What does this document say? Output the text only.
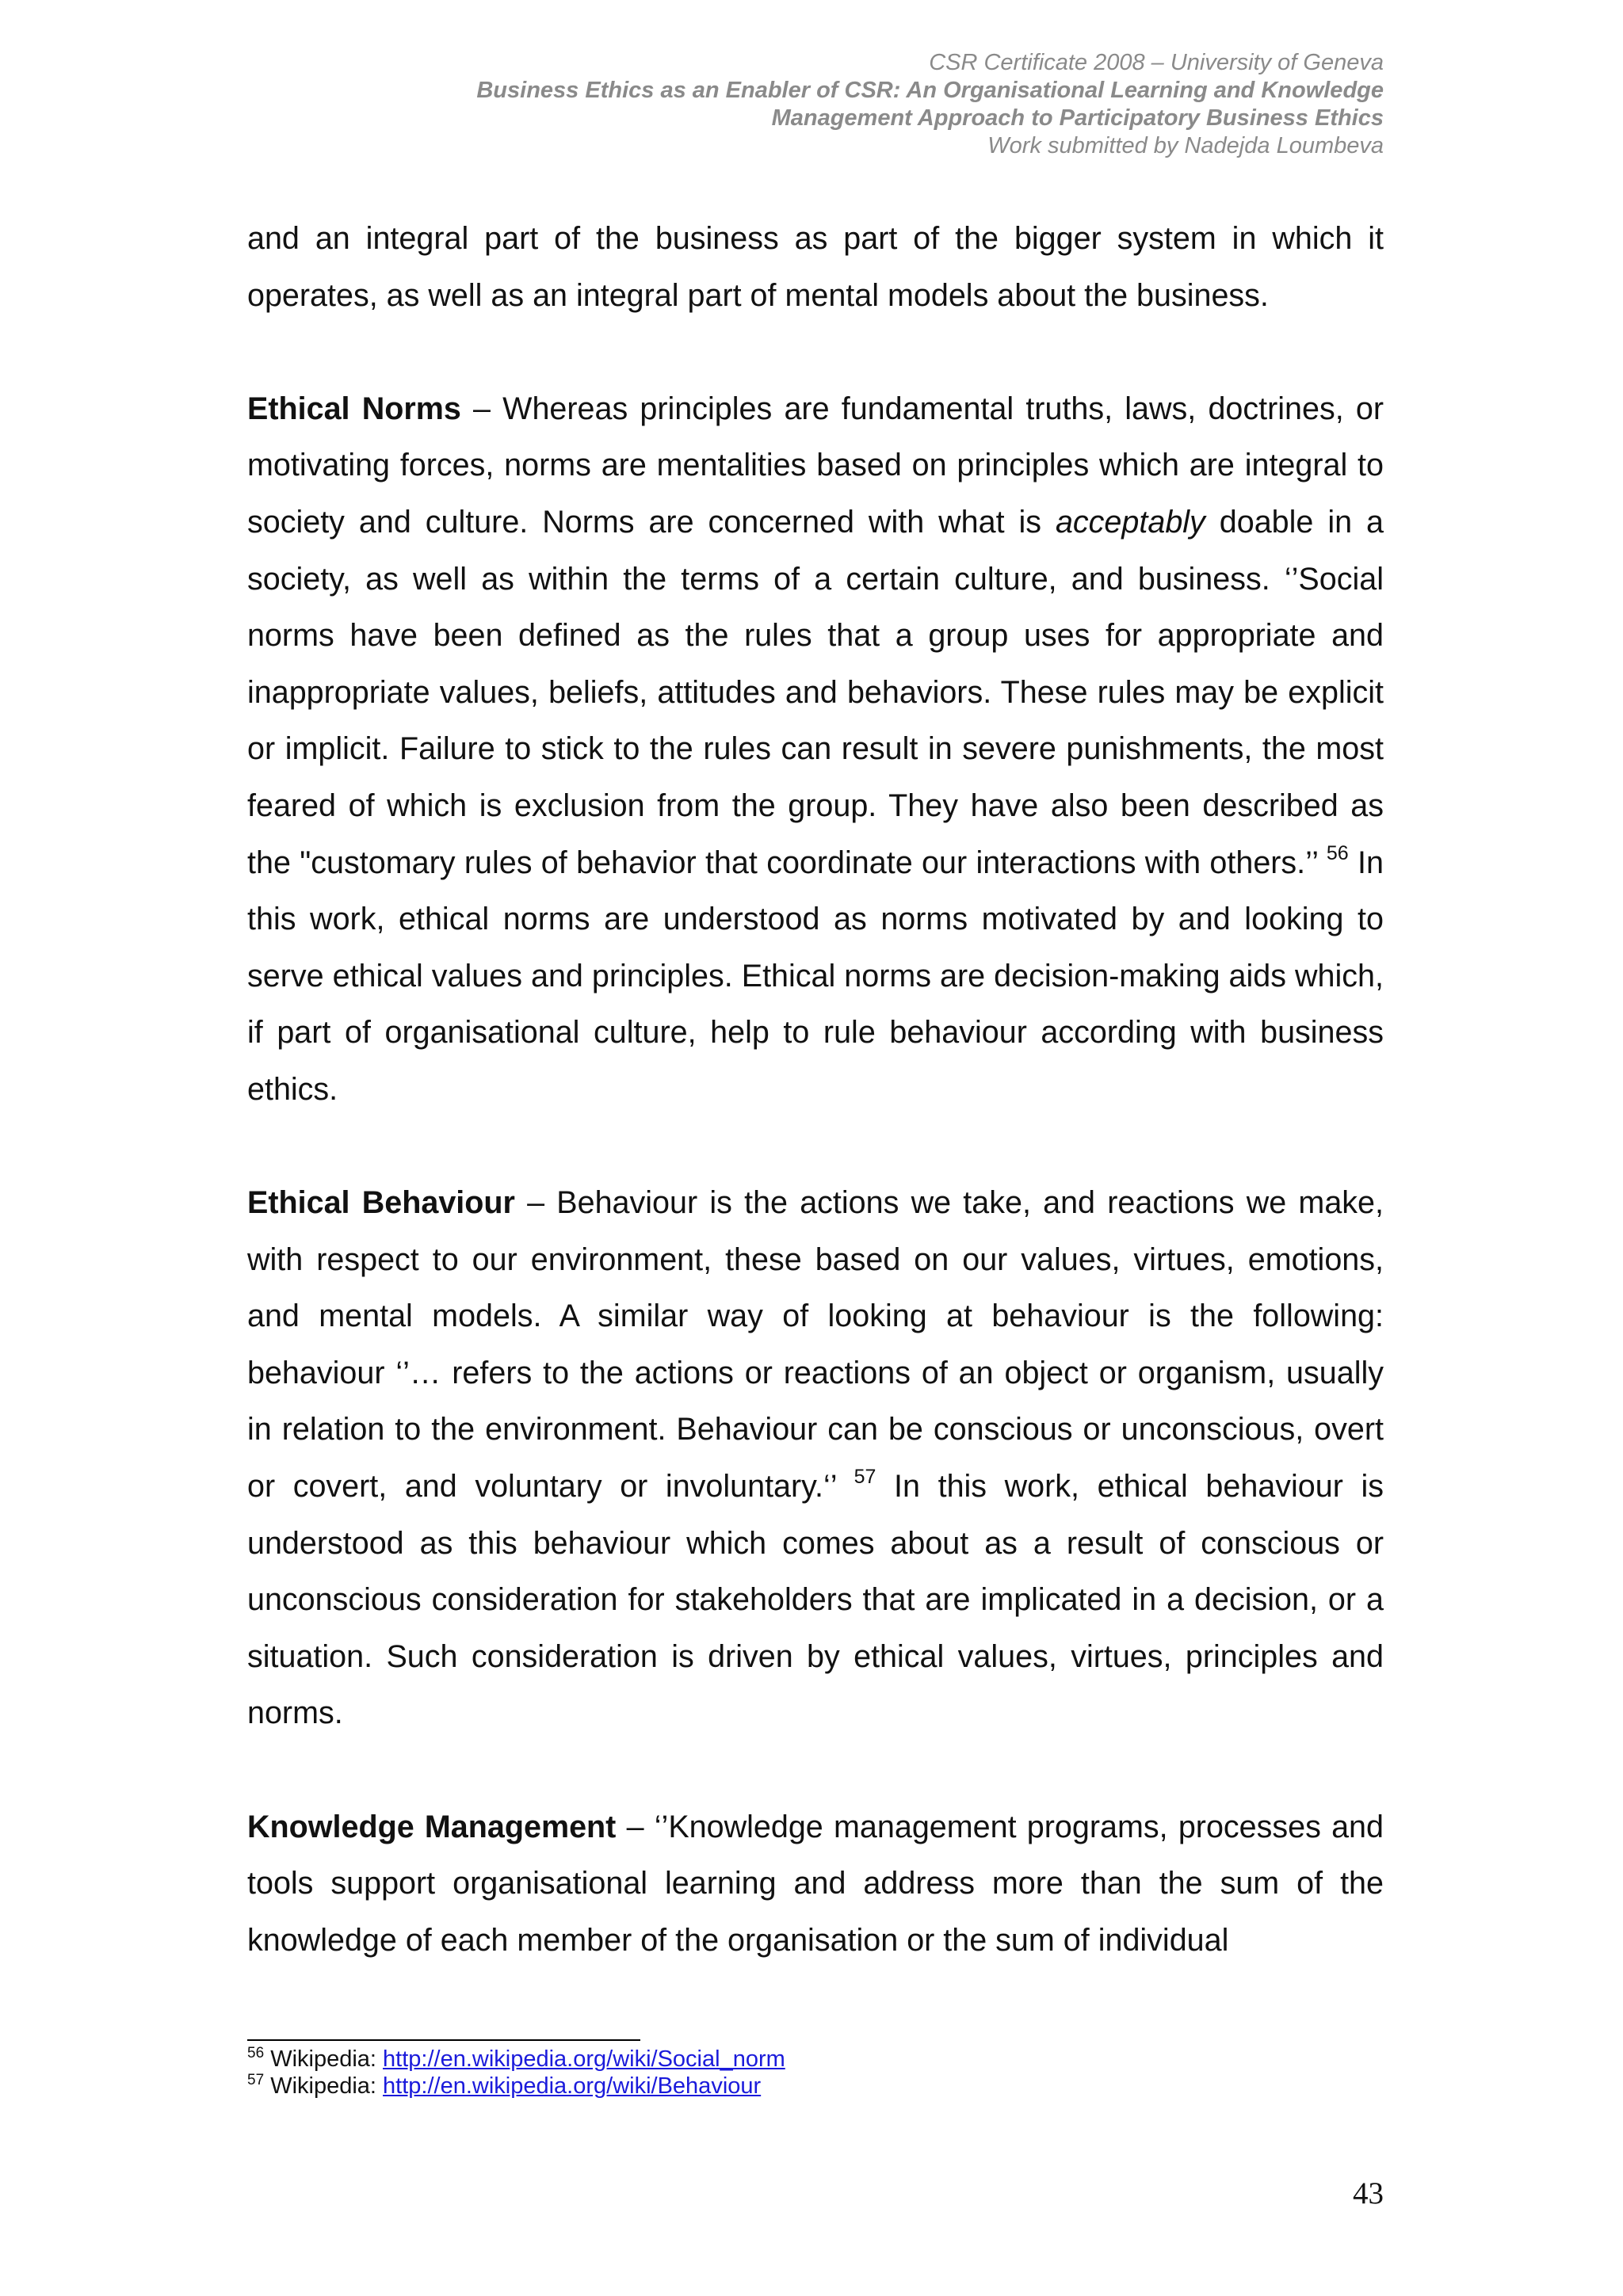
CSR Certificate 2008 – University of Geneva
Business Ethics as an Enabler of CSR: An Organisational Learning and Knowledge
Management Approach to Participatory Business Ethics
Work submitted by Nadejda Loumbeva

and an integral part of the business as part of the bigger system in which it operates, as well as an integral part of mental models about the business.

Ethical Norms – Whereas principles are fundamental truths, laws, doctrines, or motivating forces, norms are mentalities based on principles which are integral to society and culture. Norms are concerned with what is acceptably doable in a society, as well as within the terms of a certain culture, and business. ‘’Social norms have been defined as the rules that a group uses for appropriate and inappropriate values, beliefs, attitudes and behaviors. These rules may be explicit or implicit. Failure to stick to the rules can result in severe punishments, the most feared of which is exclusion from the group. They have also been described as the "customary rules of behavior that coordinate our interactions with others.’’ $^{56}$ In this work, ethical norms are understood as norms motivated by and looking to serve ethical values and principles. Ethical norms are decision-making aids which, if part of organisational culture, help to rule behaviour according with business ethics.

Ethical Behaviour – Behaviour is the actions we take, and reactions we make, with respect to our environment, these based on our values, virtues, emotions, and mental models. A similar way of looking at behaviour is the following: behaviour ‘’… refers to the actions or reactions of an object or organism, usually in relation to the environment. Behaviour can be conscious or unconscious, overt or covert, and voluntary or involuntary.‘’ $^{57}$ In this work, ethical behaviour is understood as this behaviour which comes about as a result of conscious or unconscious consideration for stakeholders that are implicated in a decision, or a situation. Such consideration is driven by ethical values, virtues, principles and norms.

Knowledge Management – ‘’Knowledge management programs, processes and tools support organisational learning and address more than the sum of the knowledge of each member of the organisation or the sum of individual

$^{56}$ Wikipedia: http://en.wikipedia.org/wiki/Social_norm
$^{57}$ Wikipedia: http://en.wikipedia.org/wiki/Behaviour
43
